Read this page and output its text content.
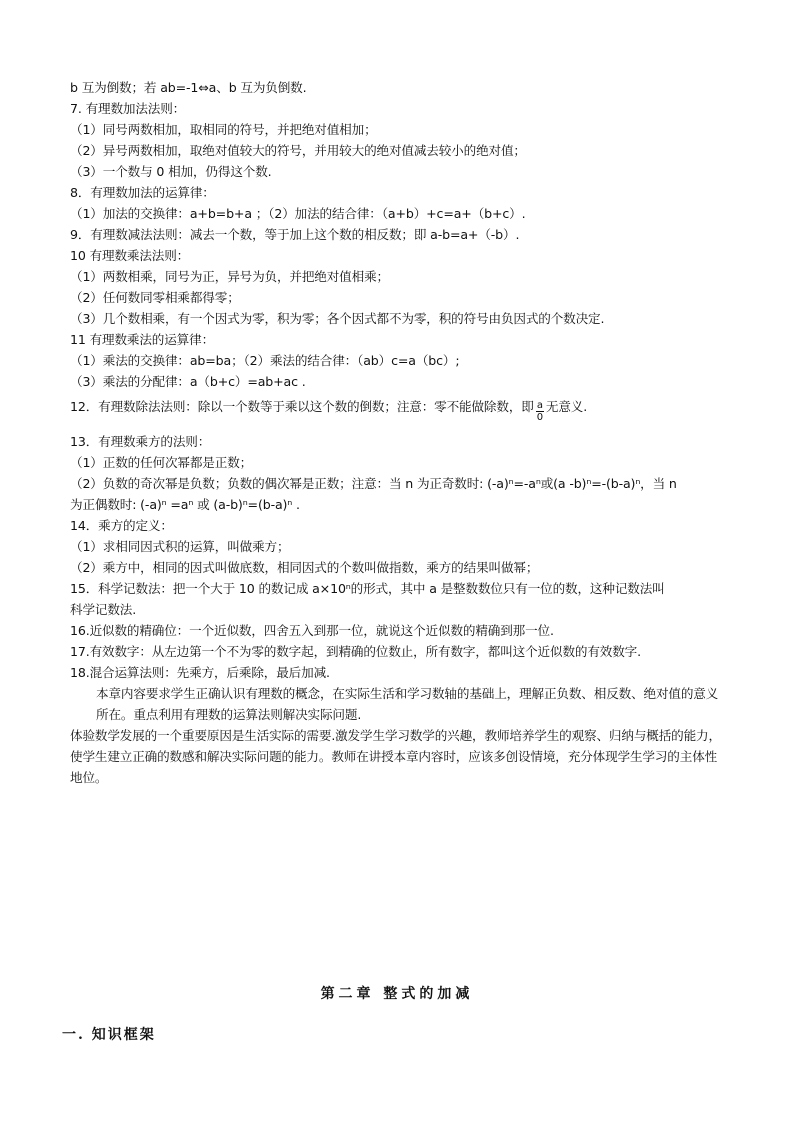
b 互为倒数；若 ab=-1⇔a、b 互为负倒数.
7. 有理数加法法则：
（1）同号两数相加，取相同的符号，并把绝对值相加；
（2）异号两数相加，取绝对值较大的符号，并用较大的绝对值减去较小的绝对值；
（3）一个数与 0 相加，仍得这个数.
8．有理数加法的运算律：
（1）加法的交换律：a+b=b+a ；（2）加法的结合律：（a+b）+c=a+（b+c）.
9．有理数减法法则：减去一个数，等于加上这个数的相反数；即 a-b=a+（-b）.
10 有理数乘法法则：
（1）两数相乘，同号为正，异号为负，并把绝对值相乘；
（2）任何数同零相乘都得零；
（3）几个数相乘，有一个因式为零，积为零；各个因式都不为零，积的符号由负因式的个数决定.
11 有理数乘法的运算律：
（1）乘法的交换律：ab=ba；（2）乘法的结合律：（ab）c=a（bc）;
（3）乘法的分配律：a（b+c）=ab+ac .
12．有理数除法法则：除以一个数等于乘以这个数的倒数；注意：零不能做除数，即 $\frac{a}{0}$ 无意义.
13．有理数乘方的法则：
（1）正数的任何次幂都是正数；
（2）负数的奇次幂是负数；负数的偶次幂是正数；注意：当 n 为正奇数时: (-a)ⁿ=-aⁿ或(a -b)ⁿ=-(b-a)ⁿ，当 n
为正偶数时: (-a)ⁿ =aⁿ 或 (a-b)ⁿ=(b-a)ⁿ .
14．乘方的定义：
（1）求相同因式积的运算，叫做乘方；
（2）乘方中，相同的因式叫做底数，相同因式的个数叫做指数，乘方的结果叫做幂；
15．科学记数法：把一个大于 10 的数记成 a×10ⁿ的形式，其中 a 是整数数位只有一位的数，这种记数法叫
科学记数法.
16.近似数的精确位：一个近似数，四舍五入到那一位，就说这个近似数的精确到那一位.
17.有效数字：从左边第一个不为零的数字起，到精确的位数止，所有数字，都叫这个近似数的有效数字.
18.混合运算法则：先乘方，后乘除，最后加减.
本章内容要求学生正确认识有理数的概念，在实际生活和学习数轴的基础上，理解正负数、相反数、绝对值的意义所在。重点利用有理数的运算法则解决实际问题.
体验数学发展的一个重要原因是生活实际的需要.激发学生学习数学的兴趣，教师培养学生的观察、归纳与概括的能力，使学生建立正确的数感和解决实际问题的能力。教师在讲授本章内容时，应该多创设情境，充分体现学生学习的主体性地位。
第二章 整式的加减
一. 知识框架
